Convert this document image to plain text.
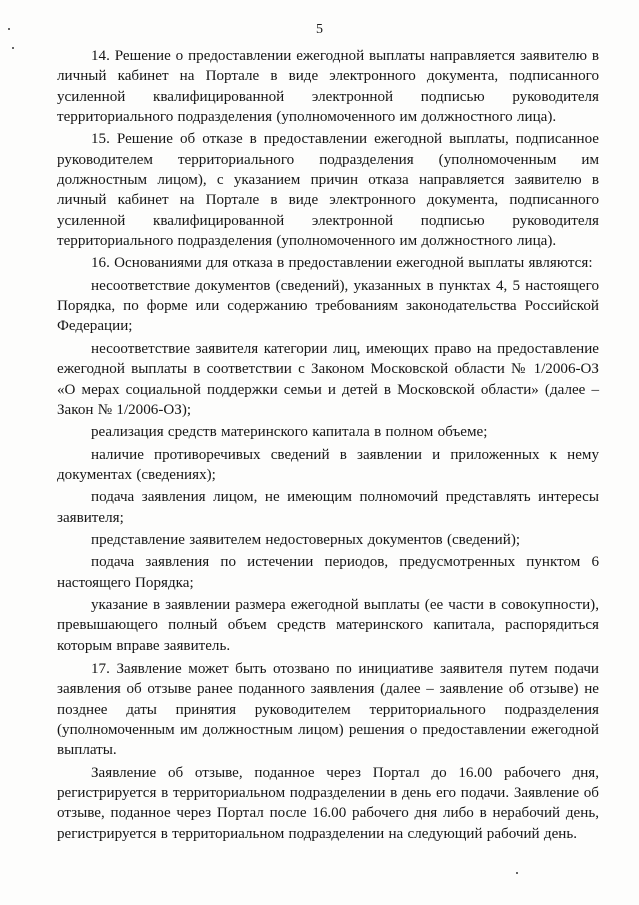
5

14. Решение о предоставлении ежегодной выплаты направляется заявителю в личный кабинет на Портале в виде электронного документа, подписанного усиленной квалифицированной электронной подписью руководителя территориального подразделения (уполномоченного им должностного лица).

15. Решение об отказе в предоставлении ежегодной выплаты, подписанное руководителем территориального подразделения (уполномоченным им должностным лицом), с указанием причин отказа направляется заявителю в личный кабинет на Портале в виде электронного документа, подписанного усиленной квалифицированной электронной подписью руководителя территориального подразделения (уполномоченного им должностного лица).

16. Основаниями для отказа в предоставлении ежегодной выплаты являются:

несоответствие документов (сведений), указанных в пунктах 4, 5 настоящего Порядка, по форме или содержанию требованиям законодательства Российской Федерации;

несоответствие заявителя категории лиц, имеющих право на предоставление ежегодной выплаты в соответствии с Законом Московской области № 1/2006-ОЗ «О мерах социальной поддержки семьи и детей в Московской области» (далее – Закон № 1/2006-ОЗ);

реализация средств материнского капитала в полном объеме;

наличие противоречивых сведений в заявлении и приложенных к нему документах (сведениях);

подача заявления лицом, не имеющим полномочий представлять интересы заявителя;

представление заявителем недостоверных документов (сведений);

подача заявления по истечении периодов, предусмотренных пунктом 6 настоящего Порядка;

указание в заявлении размера ежегодной выплаты (ее части в совокупности), превышающего полный объем средств материнского капитала, распорядиться которым вправе заявитель.

17. Заявление может быть отозвано по инициативе заявителя путем подачи заявления об отзыве ранее поданного заявления (далее – заявление об отзыве) не позднее даты принятия руководителем территориального подразделения (уполномоченным им должностным лицом) решения о предоставлении ежегодной выплаты.

Заявление об отзыве, поданное через Портал до 16.00 рабочего дня, регистрируется в территориальном подразделении в день его подачи. Заявление об отзыве, поданное через Портал после 16.00 рабочего дня либо в нерабочий день, регистрируется в территориальном подразделении на следующий рабочий день.
